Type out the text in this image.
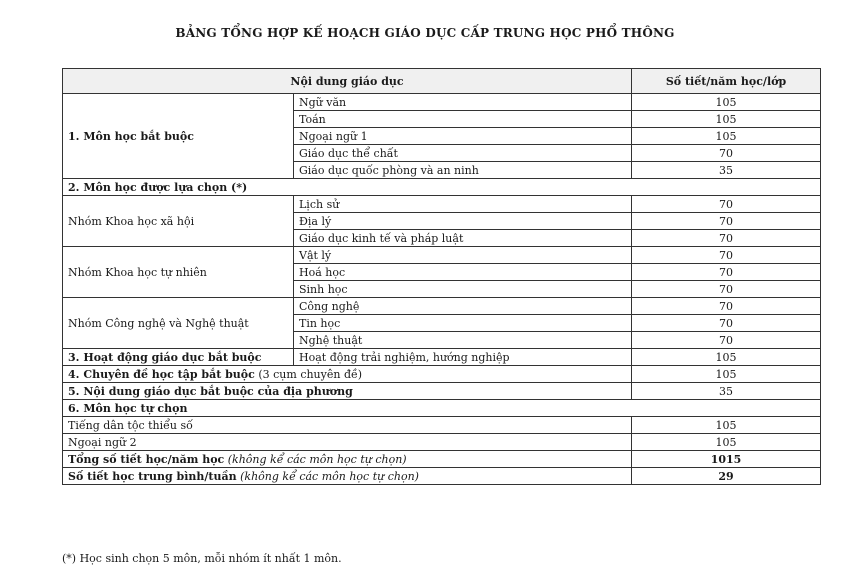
BẢNG TỔNG HỢP KẾ HOẠCH GIÁO DỤC CẤP TRUNG HỌC PHỔ THÔNG
Nội dung giáo dục		Số tiết/năm học/lớp
1. Môn học bắt buộc	Ngữ văn	105
	Toán	105
	Ngoại ngữ 1	105
	Giáo dục thể chất	70
	Giáo dục quốc phòng và an ninh	35
2. Môn học được lựa chọn (*)		
Nhóm Khoa học xã hội	Lịch sử	70
	Địa lý	70
	Giáo dục kinh tế và pháp luật	70
Nhóm Khoa học tự nhiên	Vật lý	70
	Hoá học	70
	Sinh học	70
Nhóm Công nghệ và Nghệ thuật	Công nghệ	70
	Tin học	70
	Nghệ thuật	70
3. Hoạt động giáo dục bắt buộc	Hoạt động trải nghiệm, hướng nghiệp	105
4. Chuyên đề học tập bắt buộc (3 cụm chuyên đề)		105
5. Nội dung giáo dục bắt buộc của địa phương		35
6. Môn học tự chọn		
Tiếng dân tộc thiểu số		105
Ngoại ngữ 2		105
Tổng số tiết học/năm học (không kể các môn học tự chọn)		1015
Số tiết học trung bình/tuần (không kể các môn học tự chọn)		29
(*) Học sinh chọn 5 môn, mỗi nhóm ít nhất 1 môn.
